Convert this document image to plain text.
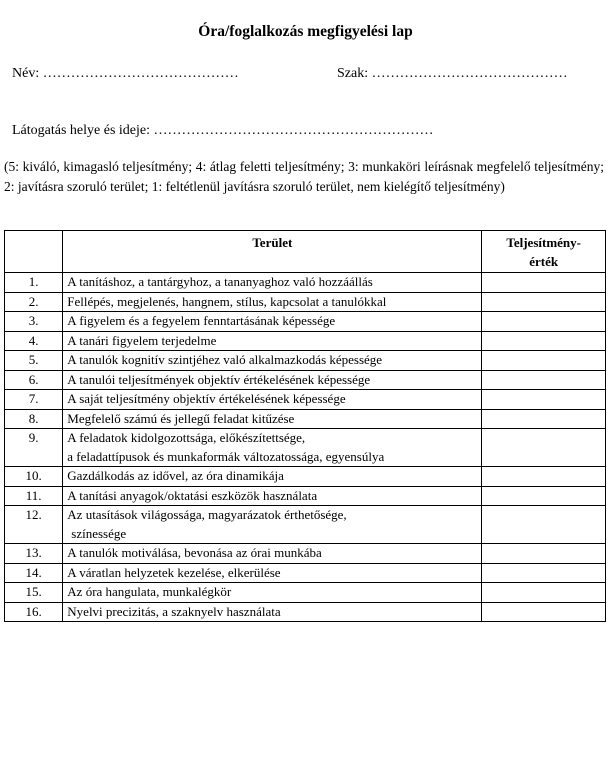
Óra/foglalkozás megfigyelési lap
Név: ……………………………………	Szak: ……………………………………
Látogatás helye és ideje: ……………………………………………………
(5: kiváló, kimagasló teljesítmény; 4: átlag feletti teljesítmény; 3: munkaköri leírásnak megfelelő teljesítmény; 2: javításra szoruló terület; 1: feltétlenül javításra szoruló terület, nem kielégítő teljesítmény)
	Terület	Teljesítmény-
érték
1.	A tanításhoz, a tantárgyhoz, a tananyaghoz való hozzáállás	
2.	Fellépés, megjelenés, hangnem, stílus, kapcsolat a tanulókkal	
3.	A figyelem és a fegyelem fenntartásának képessége	
4.	A tanári figyelem terjedelme	
5.	A tanulók kognitív szintjéhez való alkalmazkodás képessége	
6.	A tanulói teljesítmények objektív értékelésének képessége	
7.	A saját teljesítmény objektív értékelésének képessége	
8.	Megfelelő számú és jellegű feladat kitűzése	
9.	A feladatok kidolgozottsága, előkészítettsége,
a feladattípusok és munkaformák változatossága, egyensúlya	
10.	Gazdálkodás az idővel, az óra dinamikája	
11.	A tanítási anyagok/oktatási eszközök használata	
12.	Az utasítások világossága, magyarázatok érthetősége,
színessége	
13.	A tanulók motiválása, bevonása az órai munkába	
14.	A váratlan helyzetek kezelése, elkerülése	
15.	Az óra hangulata, munkalégkör	
16.	Nyelvi precizitás, a szaknyelv használata	
